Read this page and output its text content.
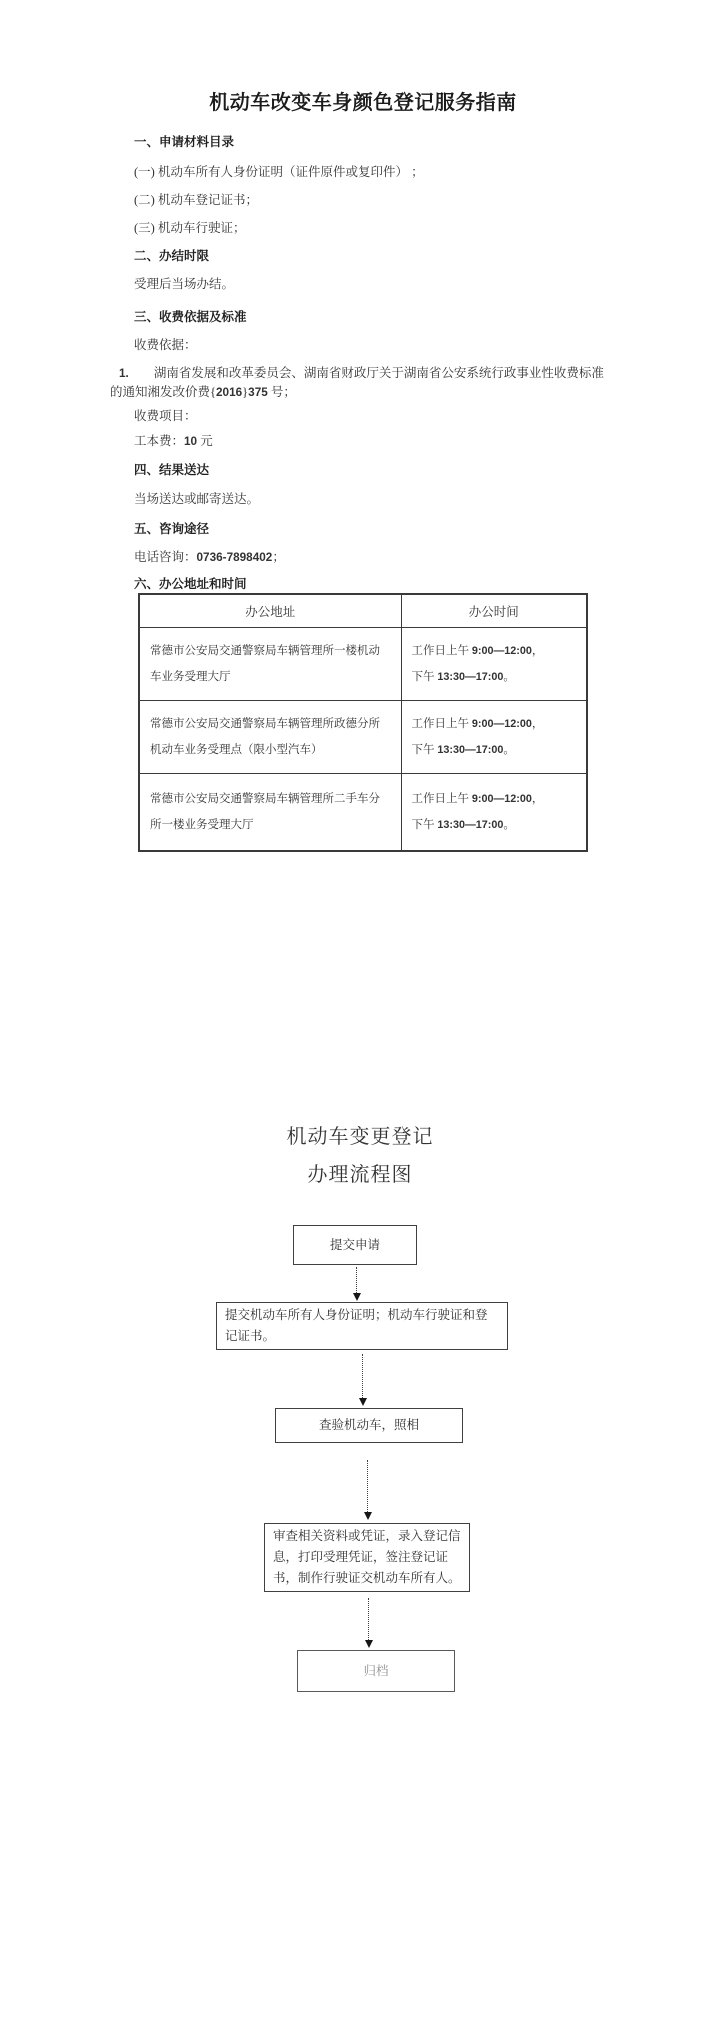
机动车改变车身颜色登记服务指南
一、申请材料目录

(一) 机动车所有人身份证明（证件原件或复印件） ；

(二) 机动车登记证书；

(三) 机动车行驶证；

二、办结时限

受理后当场办结。

三、收费依据及标准

收费依据：

1.　　湖南省发展和改革委员会、湖南省财政厅关于湖南省公安系统行政事业性收费标准的通知湘发改价费{2016}375 号；

收费项目：

工本费：10 元

四、结果送达

当场送达或邮寄送达。

五、咨询途径

电话咨询：0736-7898402；

六、办公地址和时间
办公地址	办公时间
常德市公安局交通警察局车辆管理所一楼机动车业务受理大厅	工作日上午 9:00—12:00，
下午 13:30—17:00。

常德市公安局交通警察局车辆管理所政德分所机动车业务受理点（限小型汽车）	工作日上午 9:00—12:00，
下午 13:30—17:00。

常德市公安局交通警察局车辆管理所二手车分所一楼业务受理大厅	工作日上午 9:00—12:00，
下午 13:30—17:00。
机动车变更登记
办理流程图
提交申请
提交机动车所有人身份证明；机动车行驶证和登记证书。
查验机动车，照相
审查相关资料或凭证，录入登记信息，打印受理凭证，签注登记证书，制作行驶证交机动车所有人。
归档
